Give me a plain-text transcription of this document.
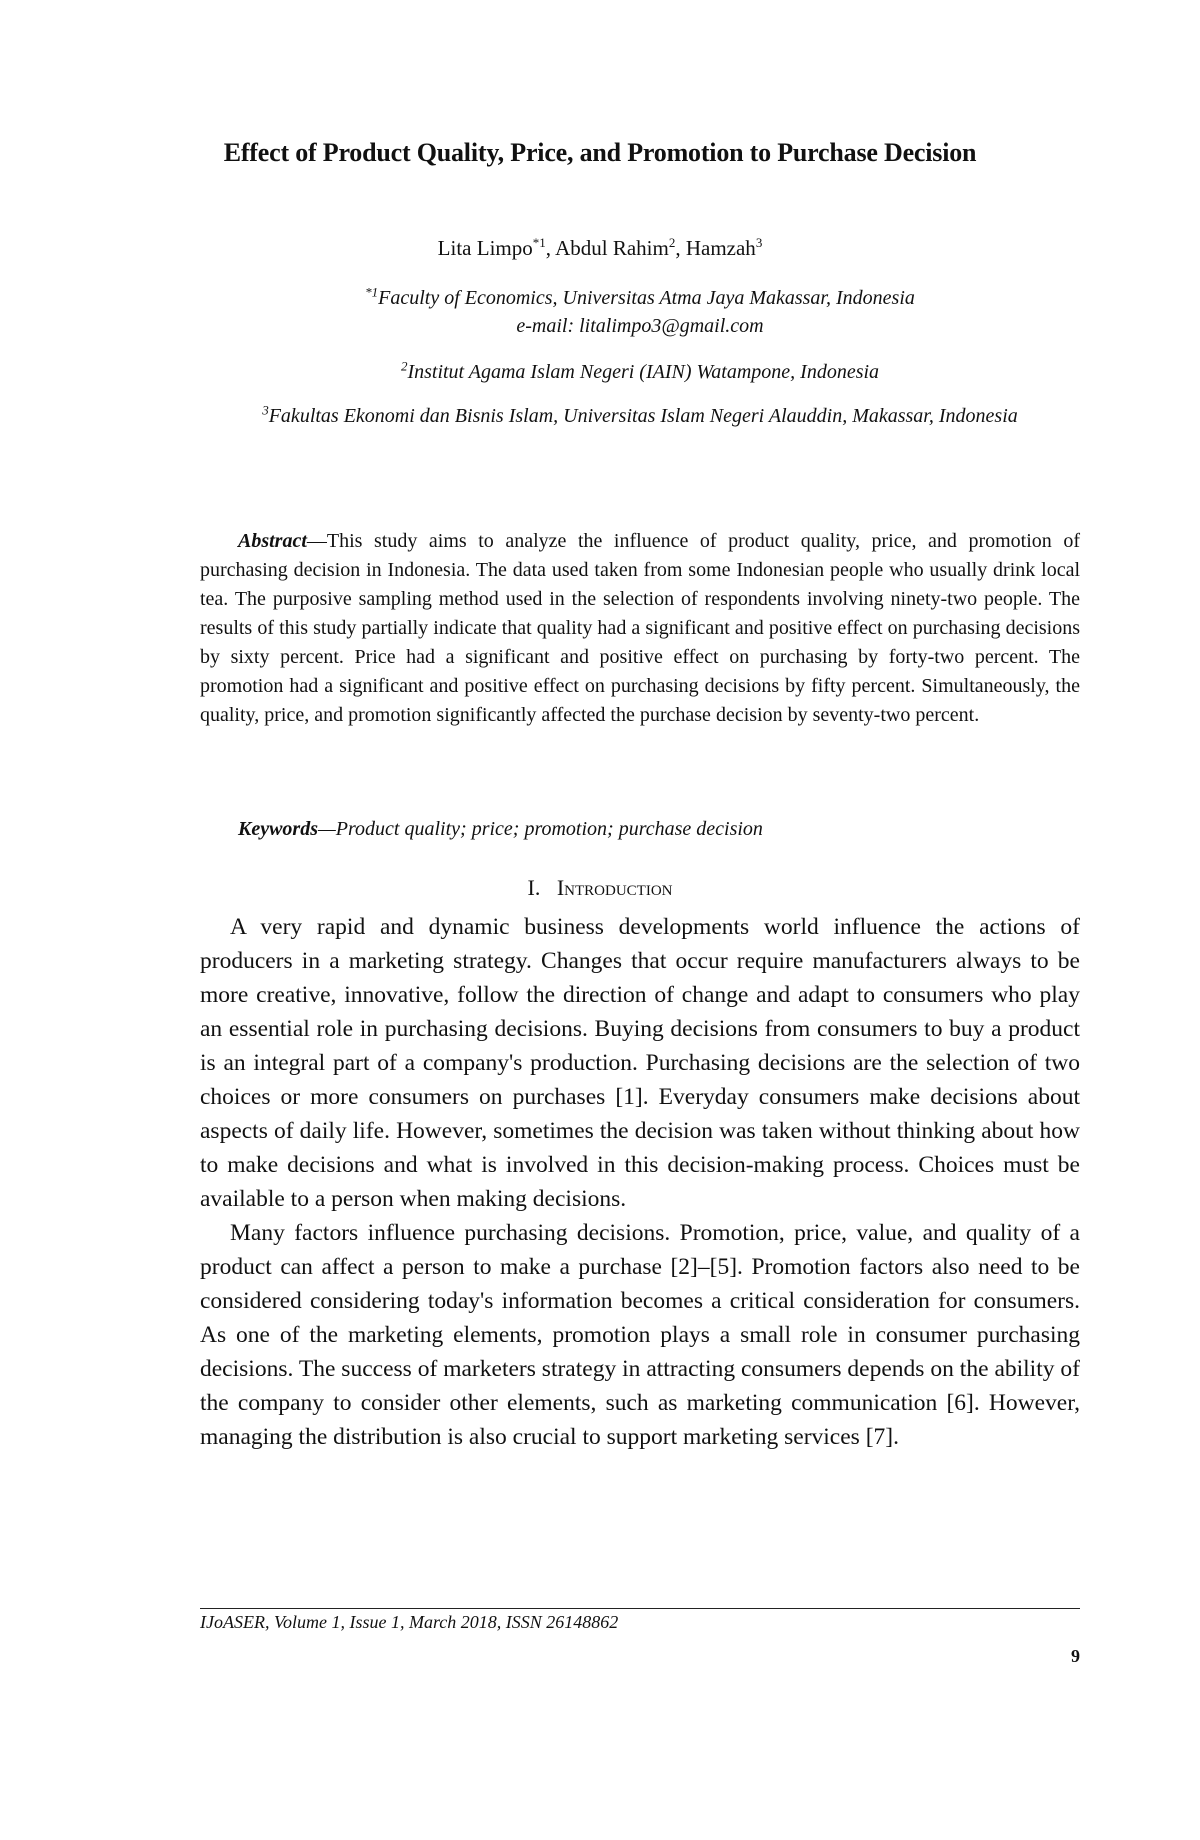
Effect of Product Quality, Price, and Promotion to Purchase Decision
Lita Limpo$^{*1}$, Abdul Rahim$^2$, Hamzah$^3$
$^{*1}$Faculty of Economics, Universitas Atma Jaya Makassar, Indonesia
e-mail: litalimpo3@gmail.com
$^2$Institut Agama Islam Negeri (IAIN) Watampone, Indonesia
$^3$Fakultas Ekonomi dan Bisnis Islam, Universitas Islam Negeri Alauddin, Makassar, Indonesia
Abstract—This study aims to analyze the influence of product quality, price, and promotion of purchasing decision in Indonesia. The data used taken from some Indonesian people who usually drink local tea. The purposive sampling method used in the selection of respondents involving ninety-two people. The results of this study partially indicate that quality had a significant and positive effect on purchasing decisions by sixty percent. Price had a significant and positive effect on purchasing by forty-two percent. The promotion had a significant and positive effect on purchasing decisions by fifty percent. Simultaneously, the quality, price, and promotion significantly affected the purchase decision by seventy-two percent.
Keywords—Product quality; price; promotion; purchase decision
I. Introduction

A very rapid and dynamic business developments world influence the actions of producers in a marketing strategy. Changes that occur require manufacturers always to be more creative, innovative, follow the direction of change and adapt to consumers who play an essential role in purchasing decisions. Buying decisions from consumers to buy a product is an integral part of a company's production. Purchasing decisions are the selection of two choices or more consumers on purchases [1]. Everyday consumers make decisions about aspects of daily life. However, sometimes the decision was taken without thinking about how to make decisions and what is involved in this decision-making process. Choices must be available to a person when making decisions.

Many factors influence purchasing decisions. Promotion, price, value, and quality of a product can affect a person to make a purchase [2]–[5]. Promotion factors also need to be considered considering today's information becomes a critical consideration for consumers. As one of the marketing elements, promotion plays a small role in consumer purchasing decisions. The success of marketers strategy in attracting consumers depends on the ability of the company to consider other elements, such as marketing communication [6]. However, managing the distribution is also crucial to support marketing services [7].

IJoASER, Volume 1, Issue 1, March 2018, ISSN 26148862
9
